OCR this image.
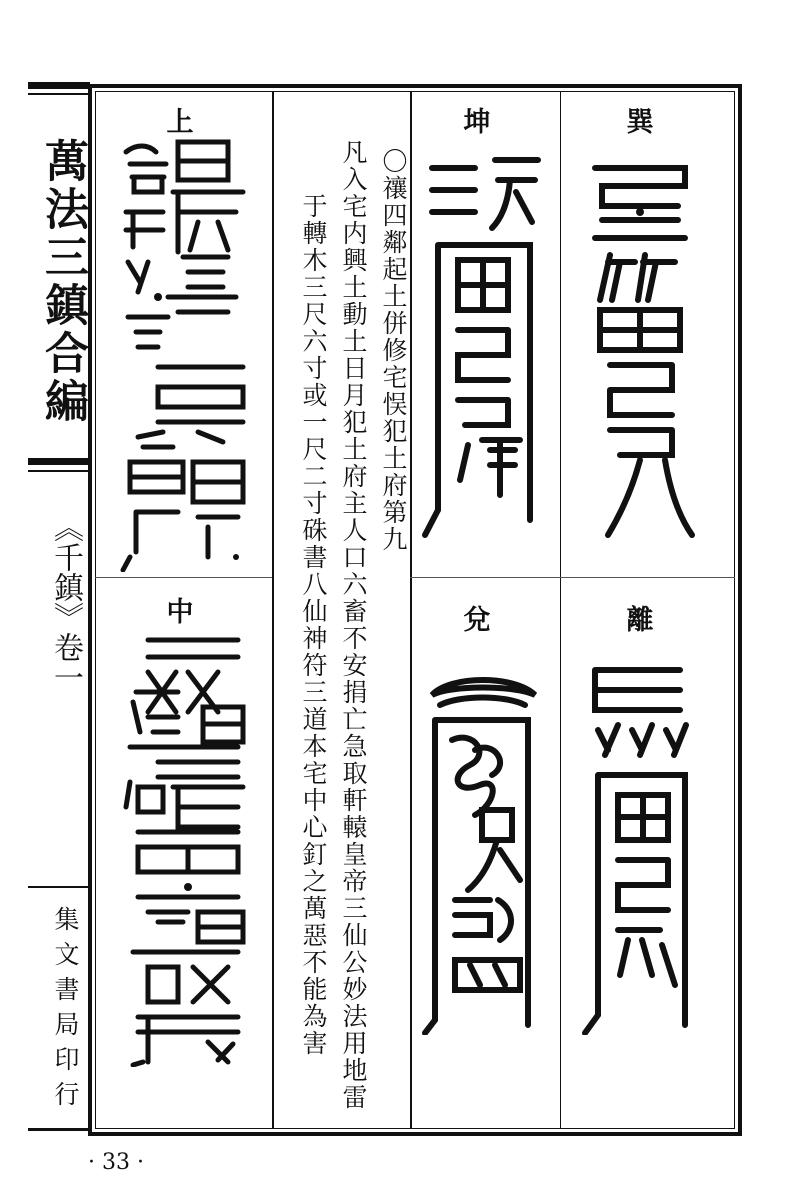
萬法三鎮合編
《千鎮》卷一
集文書局印行
〇禳四鄰起土併修宅悮犯土府第九
凡入宅内興土動土日月犯土府主人口六畜不安捐亡急取軒轅皇帝三仙公妙法用地雷
于轉木三尺六寸或一尺二寸硃書八仙神符三道本宅中心釘之萬惡不能為害
巽
坤
上
離
兌
中
· 33 ·
